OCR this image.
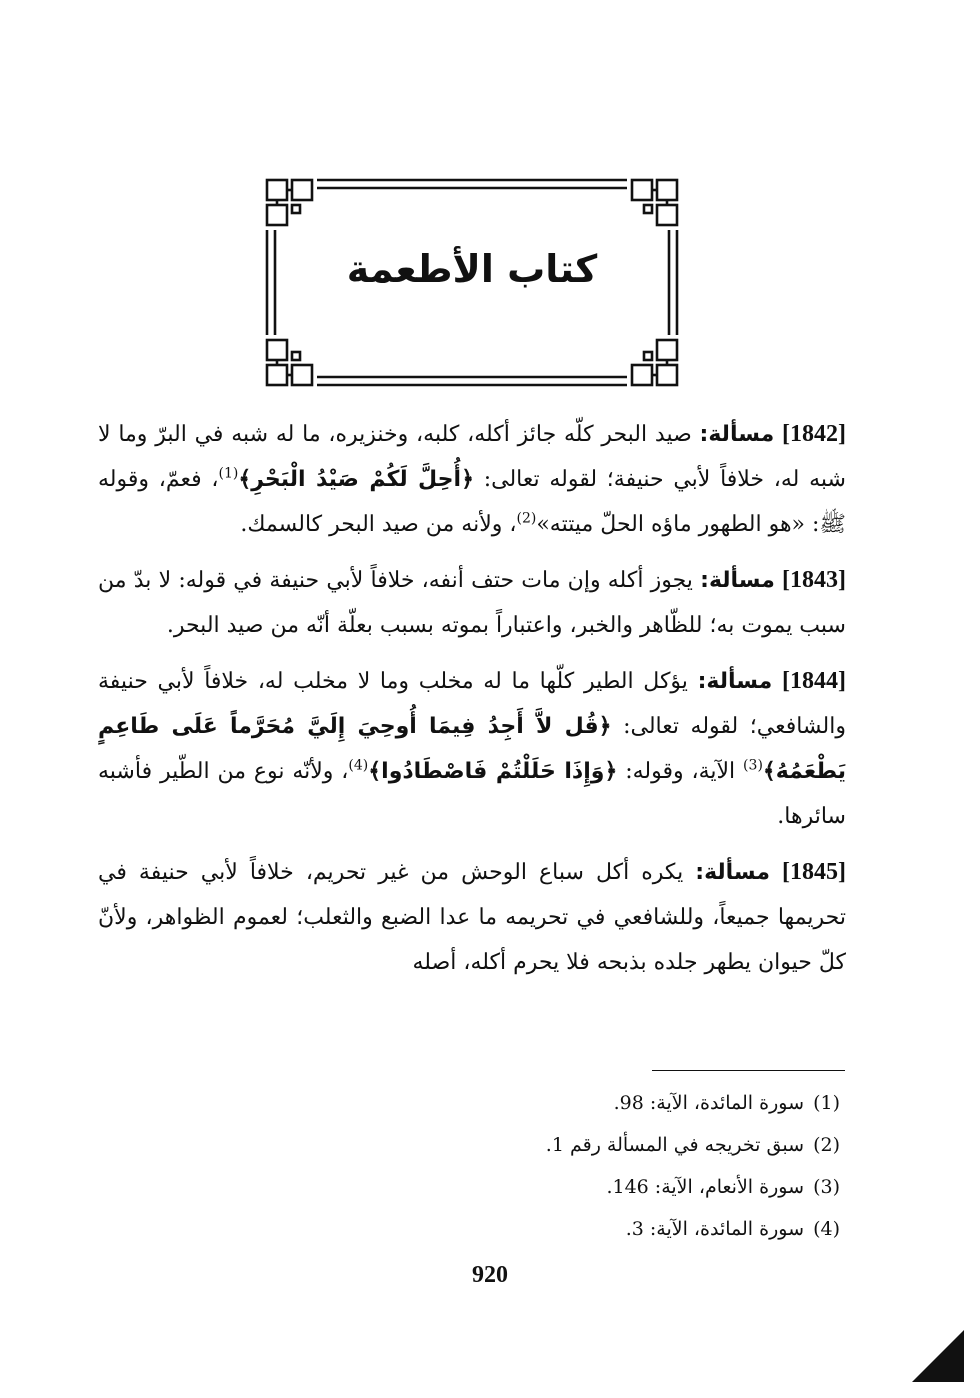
كتاب الأطعمة

[1842] مسألة: صيد البحر كلّه جائز أكله، كلبه، وخنزيره، ما له شبه في البرّ وما لا شبه له، خلافاً لأبي حنيفة؛ لقوله تعالى: ﴿أُحِلَّ لَكُمْ صَيْدُ الْبَحْرِ﴾$^{(1)}$، فعمّ، وقوله ﷺ: «هو الطهور ماؤه الحلّ ميتته»$^{(2)}$، ولأنه من صيد البحر كالسمك.

[1843] مسألة: يجوز أكله وإن مات حتف أنفه، خلافاً لأبي حنيفة في قوله: لا بدّ من سبب يموت به؛ للظّاهر والخبر، واعتباراً بموته بسبب بعلّة أنّه من صيد البحر.

[1844] مسألة: يؤكل الطير كلّها ما له مخلب وما لا مخلب له، خلافاً لأبي حنيفة والشافعي؛ لقوله تعالى: ﴿قُل لاَّ أَجِدُ فِيمَا أُوحِيَ إِلَيَّ مُحَرَّماً عَلَى طَاعِمٍ يَطْعَمُهُ﴾$^{(3)}$ الآية، وقوله: ﴿وَإِذَا حَلَلْتُمْ فَاصْطَادُوا﴾$^{(4)}$، ولأنّه نوع من الطّير فأشبه سائرها.

[1845] مسألة: يكره أكل سباع الوحش من غير تحريم، خلافاً لأبي حنيفة في تحريمها جميعاً، وللشافعي في تحريمه ما عدا الضبع والثعلب؛ لعموم الظواهر، ولأنّ كلّ حيوان يطهر جلده بذبحه فلا يحرم أكله، أصله

(1)سورة المائدة، الآية: 98.
(2)سبق تخريجه في المسألة رقم 1.
(3)سورة الأنعام، الآية: 146.
(4)سورة المائدة، الآية: 3.
920
